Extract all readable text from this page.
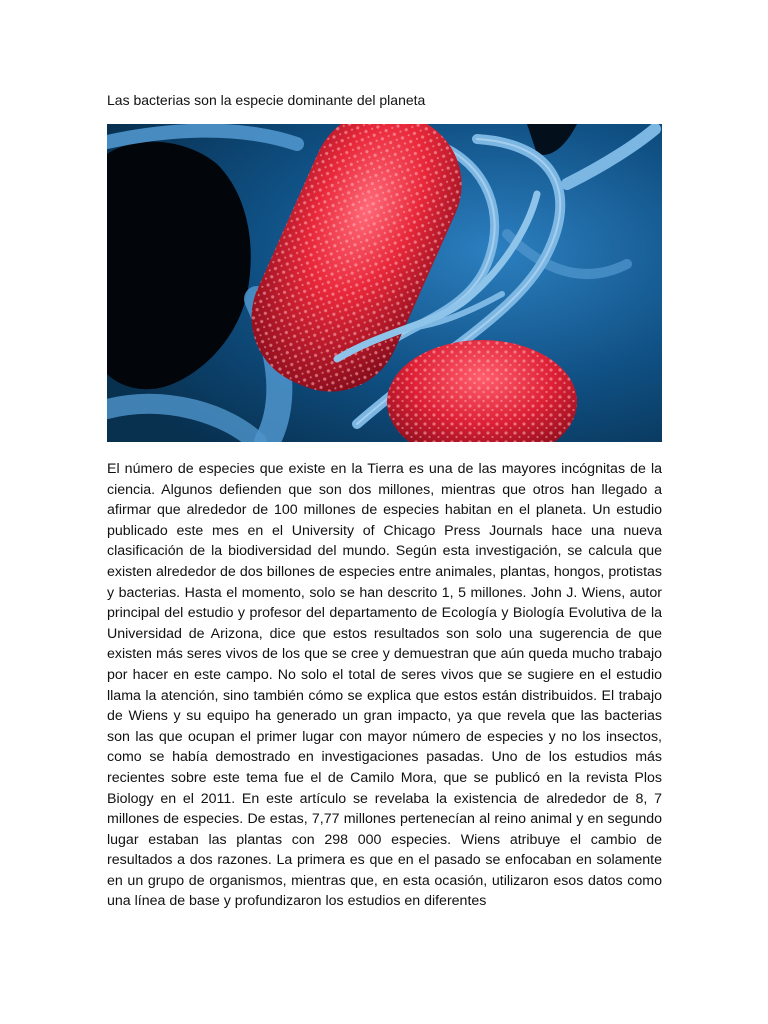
Las bacterias son la especie dominante del planeta

El número de especies que existe en la Tierra es una de las mayores incógnitas de la ciencia. Algunos defienden que son dos millones, mientras que otros han llegado a afirmar que alrededor de 100 millones de especies habitan en el planeta. Un estudio publicado este mes en el University of Chicago Press Journals hace una nueva clasificación de la biodiversidad del mundo. Según esta investigación, se calcula que existen alrededor de dos billones de especies entre animales, plantas, hongos, protistas y bacterias. Hasta el momento, solo se han descrito 1, 5 millones. John J. Wiens, autor principal del estudio y profesor del departamento de Ecología y Biología Evolutiva de la Universidad de Arizona, dice que estos resultados son solo una sugerencia de que existen más seres vivos de los que se cree y demuestran que aún queda mucho trabajo por hacer en este campo. No solo el total de seres vivos que se sugiere en el estudio llama la atención, sino también cómo se explica que estos están distribuidos. El trabajo de Wiens y su equipo ha generado un gran impacto, ya que revela que las bacterias son las que ocupan el primer lugar con mayor número de especies y no los insectos, como se había demostrado en investigaciones pasadas. Uno de los estudios más recientes sobre este tema fue el de Camilo Mora, que se publicó en la revista Plos Biology en el 2011. En este artículo se revelaba la existencia de alrededor de 8, 7 millones de especies. De estas, 7,77 millones pertenecían al reino animal y en segundo lugar estaban las plantas con 298 000 especies. Wiens atribuye el cambio de resultados a dos razones. La primera es que en el pasado se enfocaban en solamente en un grupo de organismos, mientras que, en esta ocasión, utilizaron esos datos como una línea de base y profundizaron los estudios en diferentes
